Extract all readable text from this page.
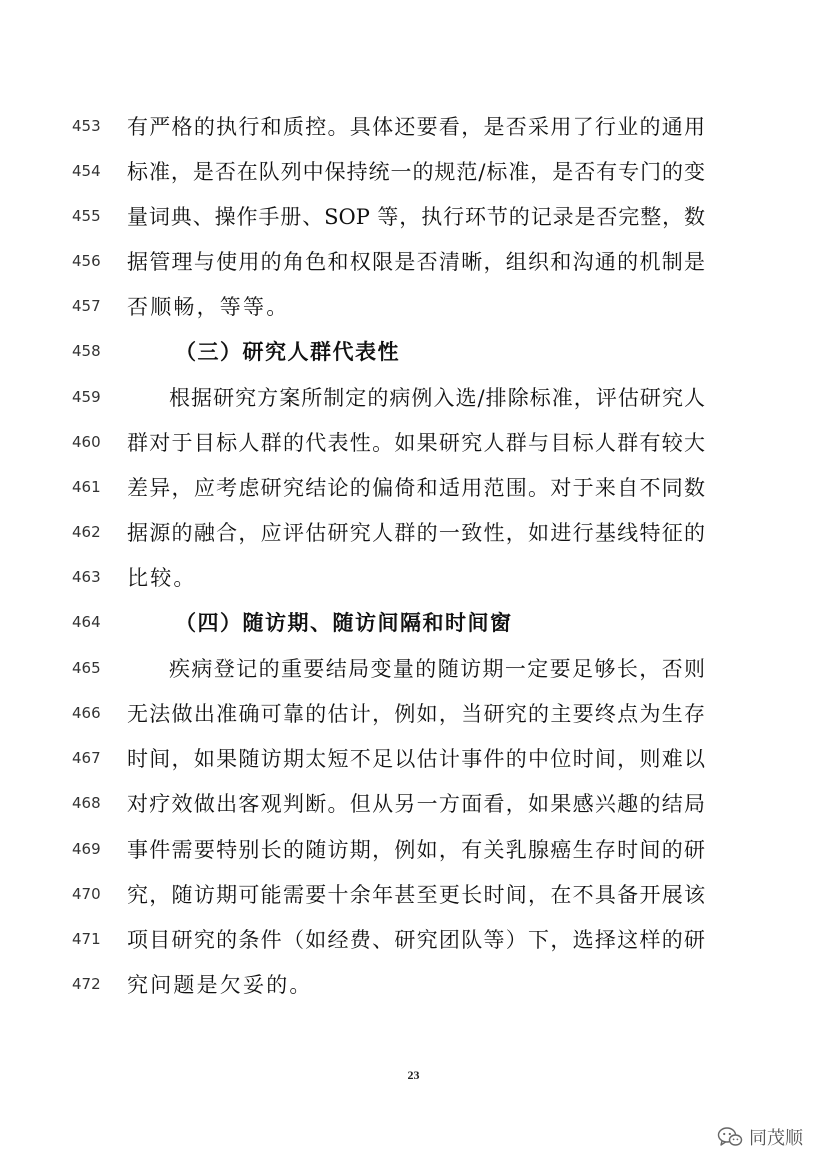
453	有严格的执行和质控。具体还要看，是否采用了行业的通用
454	标准，是否在队列中保持统一的规范/标准，是否有专门的变
455	量词典、操作手册、SOP 等，执行环节的记录是否完整，数
456	据管理与使用的角色和权限是否清晰，组织和沟通的机制是
457	否顺畅，等等。
458	（三）研究人群代表性
459	根据研究方案所制定的病例入选/排除标准，评估研究人
460	群对于目标人群的代表性。如果研究人群与目标人群有较大
461	差异，应考虑研究结论的偏倚和适用范围。对于来自不同数
462	据源的融合，应评估研究人群的一致性，如进行基线特征的
463	比较。
464	（四）随访期、随访间隔和时间窗
465	疾病登记的重要结局变量的随访期一定要足够长，否则
466	无法做出准确可靠的估计，例如，当研究的主要终点为生存
467	时间，如果随访期太短不足以估计事件的中位时间，则难以
468	对疗效做出客观判断。但从另一方面看，如果感兴趣的结局
469	事件需要特别长的随访期，例如，有关乳腺癌生存时间的研
470	究，随访期可能需要十余年甚至更长时间，在不具备开展该
471	项目研究的条件（如经费、研究团队等）下，选择这样的研
472	究问题是欠妥的。
23
同茂顺
